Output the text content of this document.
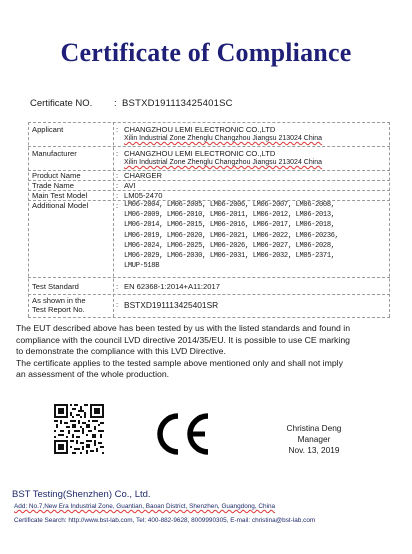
Certificate of Compliance
Certificate NO. : BSTXD191113425401SC
Applicant	: CHANGZHOU LEMI ELECTRONIC CO.,LTD
Xilin Industrial Zone Zhenglu Changzhou Jiangsu 213024 China
Manufacturer	: CHANGZHOU LEMI ELECTRONIC CO.,LTD
Xilin Industrial Zone Zhenglu Changzhou Jiangsu 213024 China
Product Name	: CHARGER
Trade Name	: AVI
Main Test Model	: LM05-2470
Additional Model	: LM06-2004, LM06-2005, LM06-2006, LM06-2007, LM06-2008,
LM06-2009, LM06-2010, LM06-2011, LM06-2012, LM06-2013,
LM06-2014, LM06-2015, LM06-2016, LM06-2017, LM06-2018,
LM06-2019, LM06-2020, LM06-2021, LM06-2022, LM06-20236,
LM06-2024, LM06-2025, LM06-2026, LM06-2027, LM06-2028,
LM06-2029, LM06-2030, LM06-2031, LM06-2032, LM05-2371,
LMUP-518B
Test Standard	: EN 62368-1:2014+A11:2017
As shown in the
Test Report No.
: BSTXD191113425401SR

The EUT described above has been tested by us with the listed standards and found in

compliance with the council LVD directive 2014/35/EU. It is possible to use CE marking

to demonstrate the compliance with this LVD Directive.

The certificate applies to the tested sample above mentioned only and shall not imply

an assessment of the whole production.

Christina Deng
Manager
Nov. 13, 2019
BST Testing(Shenzhen) Co., Ltd.
Add: No.7,New Era Industrial Zone, Guantian, Baoan District, Shenzhen, Guangdong, China
Certificate Search: http://www.bst-lab.com, Tel: 400-882-9628, 8009990305, E-mail: christina@bst-lab.com
